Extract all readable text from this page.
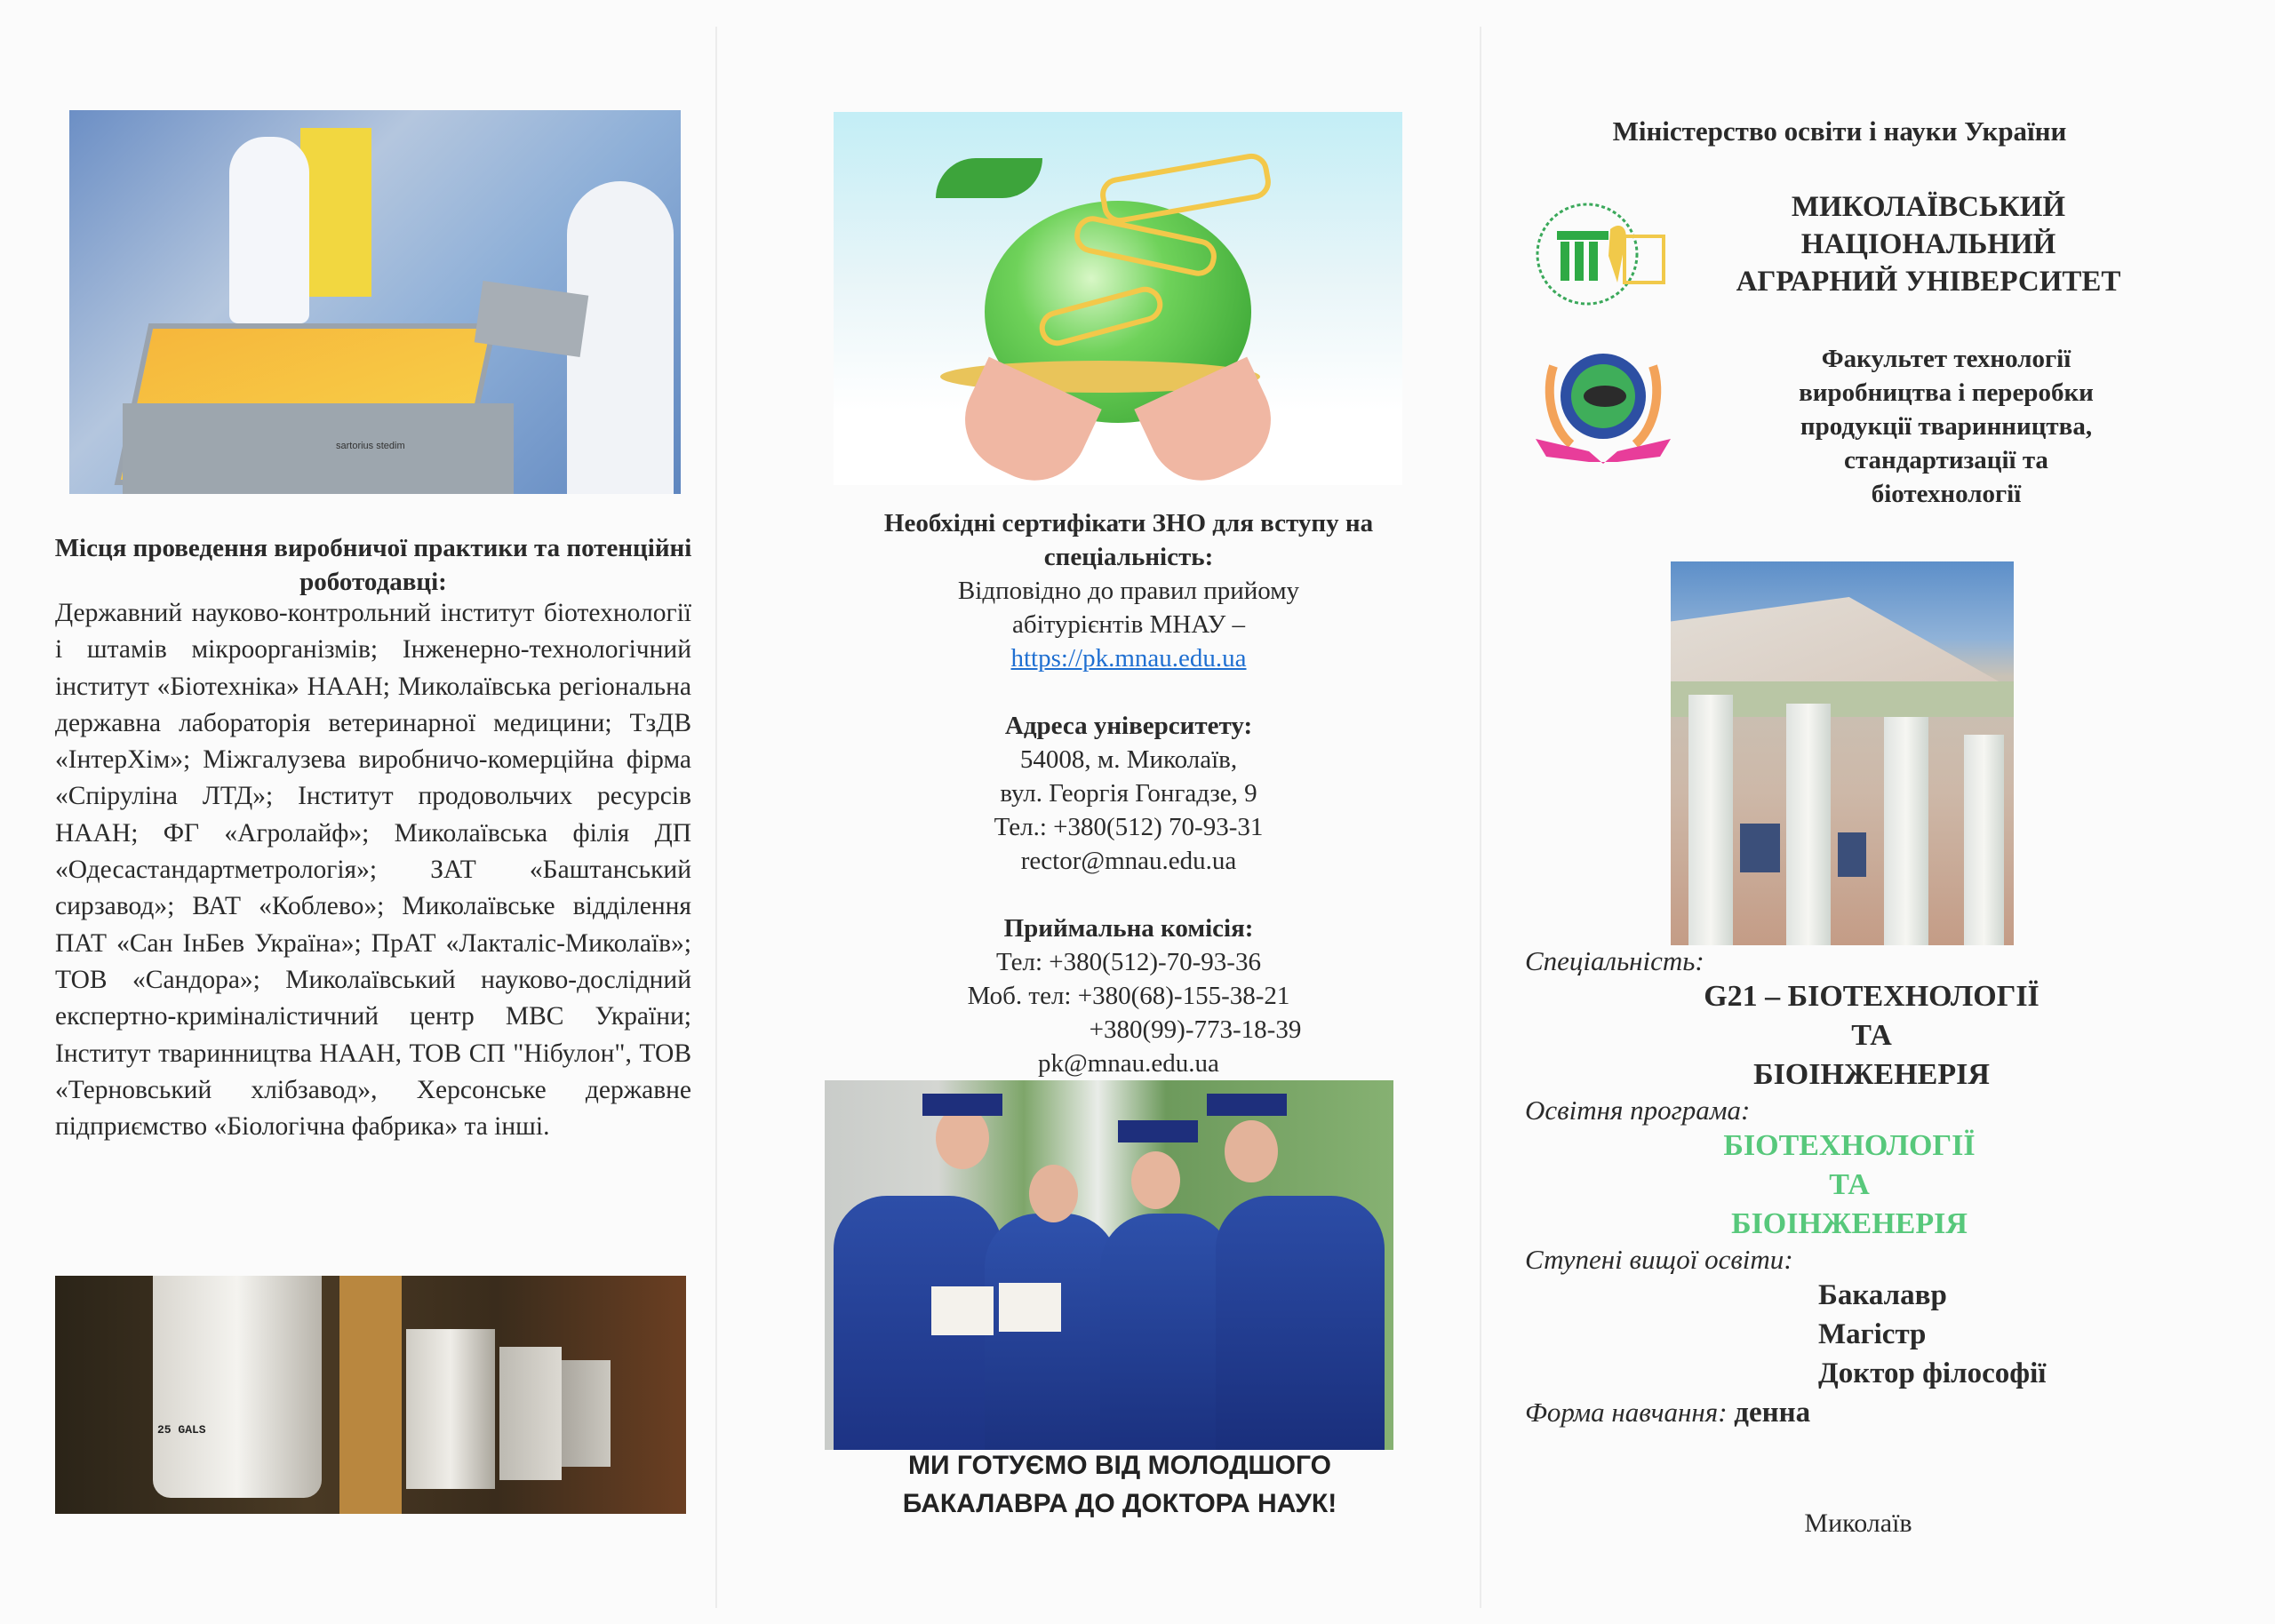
sartorius stedim
Місця проведення виробничої практики та потенційні роботодавці:
Державний науково-контрольний інститут біотехнології і штамів мікроорганізмів; Інженерно-технологічний інститут «Біотехніка» НААН; Миколаївська регіональна державна лабораторія ветеринарної медицини; ТзДВ «ІнтерХім»; Міжгалузева виробничо-комерційна фірма «Спіруліна ЛТД»; Інститут продовольчих ресурсів НААН; ФГ «Агролайф»; Миколаївська філія ДП «Одесастандартметрологія»; ЗАТ «Баштанський сирзавод»; ВАТ «Коблево»; Миколаївське відділення ПАТ «Сан ІнБев Україна»; ПрАТ «Лакталіс-Миколаїв»; ТОВ «Сандора»; Миколаївський науково-дослідний експертно-криміналістичний центр МВС України; Інститут тваринництва НААН, ТОВ СП "Нібулон", ТОВ «Терновський хлібзавод», Херсонське державне підприємство «Біологічна фабрика» та інші.
25 GALS
Необхідні сертифікати ЗНО для вступу на спеціальність:
Відповідно до правил прийому абітурієнтів МНАУ –
https://pk.mnau.edu.ua
Адреса університету:
54008, м. Миколаїв,
вул. Георгія Гонгадзе, 9
Тел.: +380(512) 70-93-31
rector@mnau.edu.ua
Приймальна комісія:
Тел: +380(512)-70-93-36
Моб. тел: +380(68)-155-38-21
+380(99)-773-18-39
pk@mnau.edu.ua
МИ ГОТУЄМО ВІД МОЛОДШОГО
БАКАЛАВРА ДО ДОКТОРА НАУК!
Міністерство освіти і науки України
МИКОЛАЇВСЬКИЙ
НАЦІОНАЛЬНИЙ
АГРАРНИЙ УНІВЕРСИТЕТ
Факультет технології
виробництва і переробки
продукції тваринництва,
стандартизації та
біотехнології
Спеціальність:
G21 – БІОТЕХНОЛОГІЇ
ТА
БІОІНЖЕНЕРІЯ
Освітня програма:
БІОТЕХНОЛОГІЇ
ТА
БІОІНЖЕНЕРІЯ
Ступені вищої освіти:
Бакалавр
Магістр
Доктор філософії
Форма навчання: денна
Миколаїв
